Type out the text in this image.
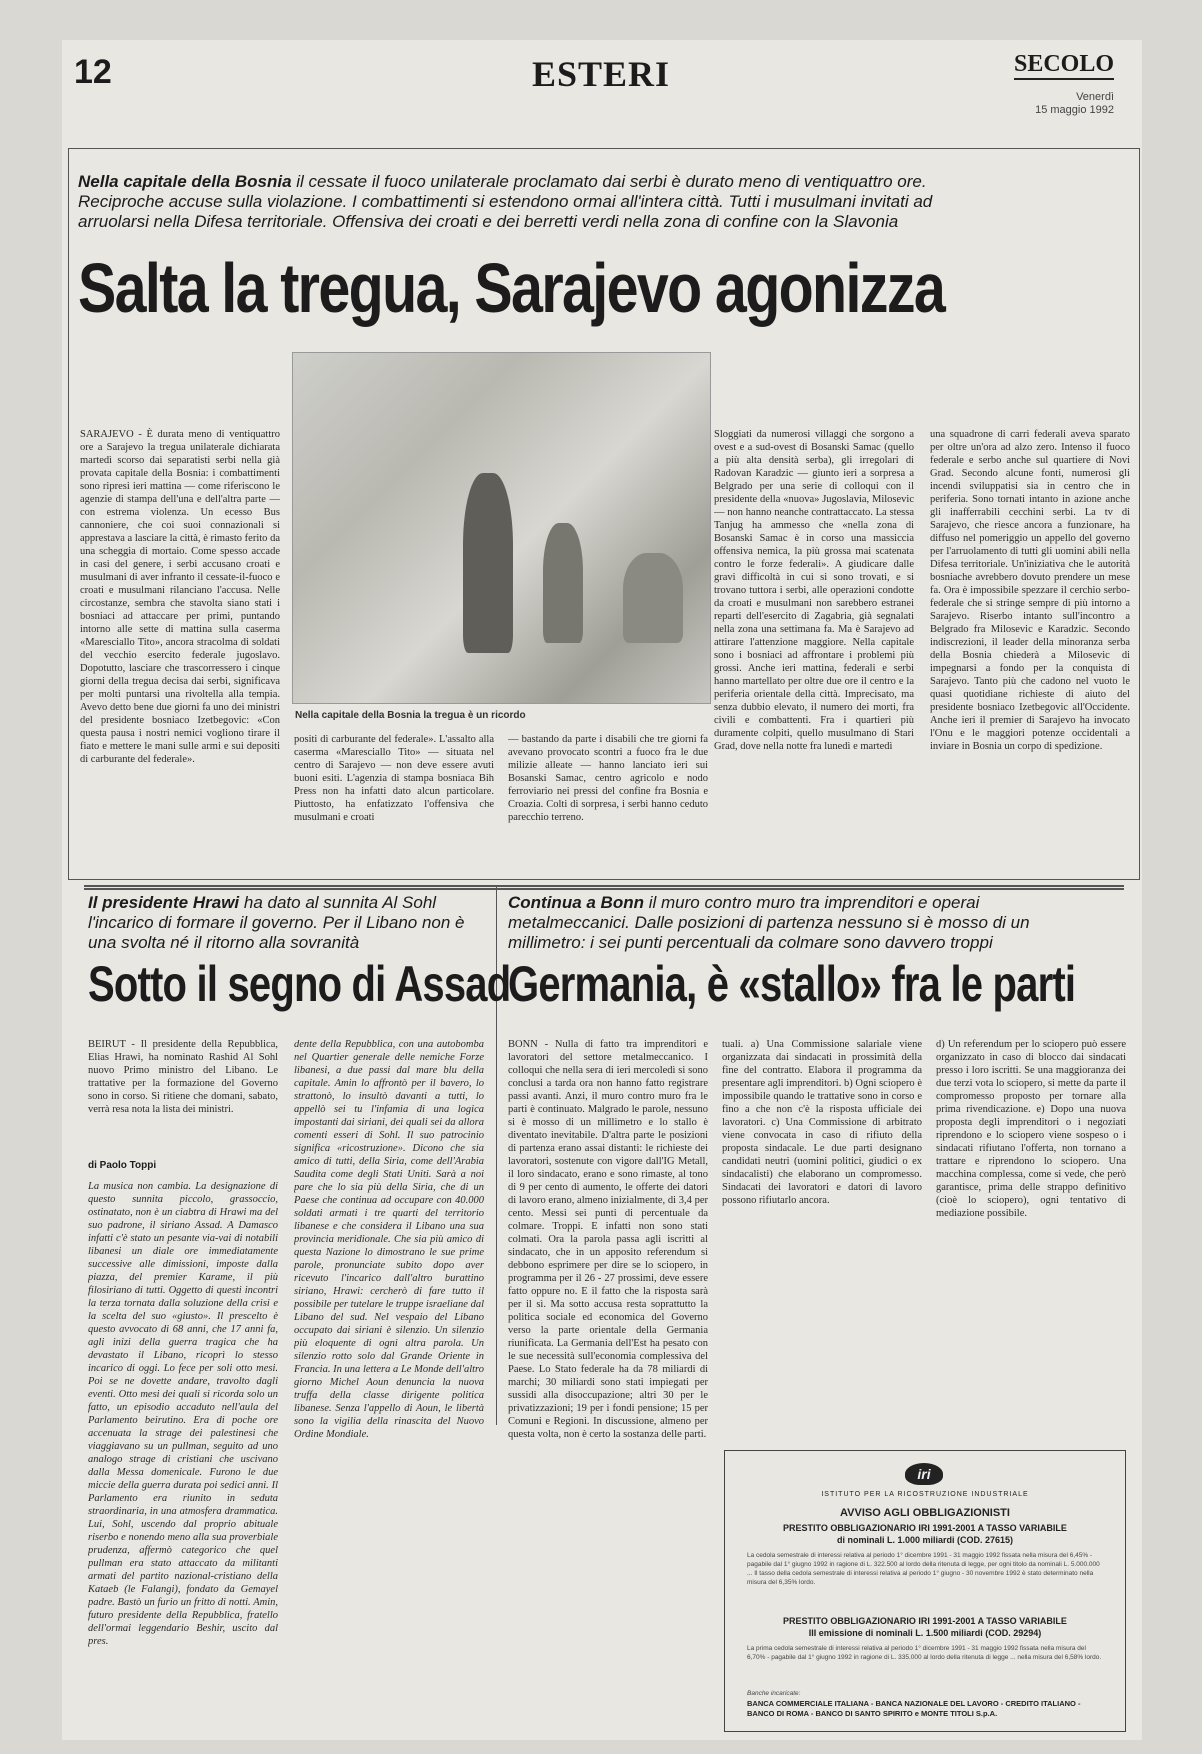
12	ESTERI	SECOLO
Venerdì
15 maggio 1992
Nella capitale della Bosnia il cessate il fuoco unilaterale proclamato dai serbi è durato meno di ventiquattro ore. Reciproche accuse sulla violazione. I combattimenti si estendono ormai all'intera città. Tutti i musulmani invitati ad arruolarsi nella Difesa territoriale. Offensiva dei croati e dei berretti verdi nella zona di confine con la Slavonia
Salta la tregua, Sarajevo agonizza
Nella capitale della Bosnia la tregua è un ricordo
SARAJEVO - È durata meno di ventiquattro ore a Sarajevo la tregua unilaterale dichiarata martedì scorso dai separatisti serbi nella già provata capitale della Bosnia: i combattimenti sono ripresi ieri mattina — come riferiscono le agenzie di stampa dell'una e dell'altra parte — con estrema violenza. Un ecesso Bus cannoniere, che coi suoi connazionali si apprestava a lasciare la città, è rimasto ferito da una scheggia di mortaio. Come spesso accade in casi del genere, i serbi accusano croati e musulmani di aver infranto il cessate-il-fuoco e croati e musulmani rilanciano l'accusa. Nelle circostanze, sembra che stavolta siano stati i bosniaci ad attaccare per primi, puntando intorno alle sette di mattina sulla caserma «Maresciallo Tito», ancora stracolma di soldati del vecchio esercito federale jugoslavo. Dopotutto, lasciare che trascorressero i cinque giorni della tregua decisa dai serbi, significava per molti puntarsi una rivoltella alla tempia. Avevo detto bene due giorni fa uno dei ministri del presidente bosniaco Izetbegovic: «Con questa pausa i nostri nemici vogliono tirare il fiato e mettere le mani sulle armi e sui depositi di carburante del federale».
positi di carburante del federale». L'assalto alla caserma «Maresciallo Tito» — situata nel centro di Sarajevo — non deve essere avuti buoni esiti. L'agenzia di stampa bosniaca Bih Press non ha infatti dato alcun particolare. Piuttosto, ha enfatizzato l'offensiva che musulmani e croati
— bastando da parte i disabili che tre giorni fa avevano provocato scontri a fuoco fra le due milizie alleate — hanno lanciato ieri sui Bosanski Samac, centro agricolo e nodo ferroviario nei pressi del confine fra Bosnia e Croazia. Colti di sorpresa, i serbi hanno ceduto parecchio terreno.
Sloggiati da numerosi villaggi che sorgono a ovest e a sud-ovest di Bosanski Samac (quello a più alta densità serba), gli irregolari di Radovan Karadzic — giunto ieri a sorpresa a Belgrado per una serie di colloqui con il presidente della «nuova» Jugoslavia, Milosevic — non hanno neanche contrattaccato. La stessa Tanjug ha ammesso che «nella zona di Bosanski Samac è in corso una massiccia offensiva nemica, la più grossa mai scatenata contro le forze federali». A giudicare dalle gravi difficoltà in cui si sono trovati, e si trovano tuttora i serbi, alle operazioni condotte da croati e musulmani non sarebbero estranei reparti dell'esercito di Zagabria, già segnalati nella zona una settimana fa. Ma è Sarajevo ad attirare l'attenzione maggiore. Nella capitale sono i bosniaci ad affrontare i problemi più grossi. Anche ieri mattina, federali e serbi hanno martellato per oltre due ore il centro e la periferia orientale della città. Imprecisato, ma senza dubbio elevato, il numero dei morti, fra civili e combattenti. Fra i quartieri più duramente colpiti, quello musulmano di Stari Grad, dove nella notte fra lunedì e martedì
una squadrone di carri federali aveva sparato per oltre un'ora ad alzo zero. Intenso il fuoco federale e serbo anche sul quartiere di Novi Grad. Secondo alcune fonti, numerosi gli incendi sviluppatisi sia in centro che in periferia. Sono tornati intanto in azione anche gli inafferrabili cecchini serbi. La tv di Sarajevo, che riesce ancora a funzionare, ha diffuso nel pomeriggio un appello del governo per l'arruolamento di tutti gli uomini abili nella Difesa territoriale. Un'iniziativa che le autorità bosniache avrebbero dovuto prendere un mese fa. Ora è impossibile spezzare il cerchio serbo-federale che si stringe sempre di più intorno a Sarajevo. Riserbo intanto sull'incontro a Belgrado fra Milosevic e Karadzic. Secondo indiscrezioni, il leader della minoranza serba della Bosnia chiederà a Milosevic di impegnarsi a fondo per la conquista di Sarajevo. Tanto più che cadono nel vuoto le quasi quotidiane richieste di aiuto del presidente bosniaco Izetbegovic all'Occidente. Anche ieri il premier di Sarajevo ha invocato l'Onu e le maggiori potenze occidentali a inviare in Bosnia un corpo di spedizione.
Il presidente Hrawi ha dato al sunnita Al Sohl l'incarico di formare il governo. Per il Libano non è una svolta né il ritorno alla sovranità
Sotto il segno di Assad
BEIRUT - Il presidente della Repubblica, Elias Hrawi, ha nominato Rashid Al Sohl nuovo Primo ministro del Libano. Le trattative per la formazione del Governo sono in corso. Si ritiene che domani, sabato, verrà resa nota la lista dei ministri.
di Paolo Toppi
La musica non cambia. La designazione di questo sunnita piccolo, grassoccio, ostinatato, non è un ciabtra di Hrawi ma del suo padrone, il siriano Assad. A Damasco infatti c'è stato un pesante via-vai di notabili libanesi un diale ore immediatamente successive alle dimissioni, imposte dalla piazza, del premier Karame, il più filosiriano di tutti. Oggetto di questi incontri la terza tornata dalla soluzione della crisi e la scelta del suo «giusto». Il prescelto è questo avvocato di 68 anni, che 17 anni fa, agli inizi della guerra tragica che ha devastato il Libano, ricoprì lo stesso incarico di oggi. Lo fece per soli otto mesi. Poi se ne dovette andare, travolto dagli eventi. Otto mesi dei quali si ricorda solo un fatto, un episodio accaduto nell'aula del Parlamento beirutino. Era di poche ore accenuata la strage dei palestinesi che viaggiavano su un pullman, seguito ad uno analogo strage di cristiani che uscivano dalla Messa domenicale. Furono le due miccie della guerra durata poi sedici anni. Il Parlamento era riunito in seduta straordinaria, in una atmosfera drammatica. Lui, Sohl, uscendo dal proprio abituale riserbo e nonendo meno alla sua proverbiale prudenza, affermò categorico che quel pullman era stato attaccato da militanti armati del partito nazional-cristiano della Kataeb (le Falangi), fondato da Gemayel padre. Bastò un furio un fritto di notti. Amin, futuro presidente della Repubblica, fratello dell'ormai leggendario Beshir, uscito dal pres.
dente della Repubblica, con una autobomba nel Quartier generale delle nemiche Forze libanesi, a due passi dal mare blu della capitale. Amin lo affrontò per il bavero, lo strattonò, lo insultò davanti a tutti, lo appellò sei tu l'infamia di una logica impostanti dai siriani, dei quali sei da allora comenti esseri di Sohl. Il suo patrocinio significa «ricostruzione». Dicono che sia amico di tutti, della Siria, come dell'Arabia Saudita come degli Stati Uniti. Sarà a noi pare che lo sia più della Siria, che di un Paese che continua ad occupare con 40.000 soldati armati i tre quarti del territorio libanese e che considera il Libano una sua provincia meridionale. Che sia più amico di questa Nazione lo dimostrano le sue prime parole, pronunciate subito dopo aver ricevuto l'incarico dall'altro burattino siriano, Hrawi: cercherò di fare tutto il possibile per tutelare le truppe israeliane dal Libano del sud. Nel vespaio del Libano occupato dai siriani è silenzio. Un silenzio più eloquente di ogni altra parola. Un silenzio rotto solo dal Grande Oriente in Francia. In una lettera a Le Monde dell'altro giorno Michel Aoun denuncia la nuova truffa della classe dirigente politica libanese. Senza l'appello di Aoun, le libertà sono la vigilia della rinascita del Nuovo Ordine Mondiale.
Continua a Bonn il muro contro muro tra imprenditori e operai metalmeccanici. Dalle posizioni di partenza nessuno si è mosso di un millimetro: i sei punti percentuali da colmare sono davvero troppi
Germania, è «stallo» fra le parti
BONN - Nulla di fatto tra imprenditori e lavoratori del settore metalmeccanico. I colloqui che nella sera di ieri mercoledì si sono conclusi a tarda ora non hanno fatto registrare passi avanti. Anzi, il muro contro muro fra le parti è continuato. Malgrado le parole, nessuno si è mosso di un millimetro e lo stallo è diventato inevitabile. D'altra parte le posizioni di partenza erano assai distanti: le richieste dei lavoratori, sostenute con vigore dall'IG Metall, il loro sindacato, erano e sono rimaste, al tono di 9 per cento di aumento, le offerte dei datori di lavoro erano, almeno inizialmente, di 3,4 per cento. Messi sei punti di percentuale da colmare. Troppi. E infatti non sono stati colmati. Ora la parola passa agli iscritti al sindacato, che in un apposito referendum si debbono esprimere per dire se lo sciopero, in programma per il 26 - 27 prossimi, deve essere fatto oppure no. E il fatto che la risposta sarà per il sì. Ma sotto accusa resta soprattutto la politica sociale ed economica del Governo verso la parte orientale della Germania riunificata. La Germania dell'Est ha pesato con le sue necessità sull'economia complessiva del Paese. Lo Stato federale ha da 78 miliardi di marchi; 30 miliardi sono stati impiegati per sussidi alla disoccupazione; altri 30 per le privatizzazioni; 19 per i fondi pensione; 15 per Comuni e Regioni. In discussione, almeno per questa volta, non è certo la sostanza delle parti.
tuali. a) Una Commissione salariale viene organizzata dai sindacati in prossimità della fine del contratto. Elabora il programma da presentare agli imprenditori. b) Ogni sciopero è impossibile quando le trattative sono in corso e fino a che non c'è la risposta ufficiale dei lavoratori. c) Una Commissione di arbitrato viene convocata in caso di rifiuto della proposta sindacale. Le due parti designano candidati neutri (uomini politici, giudici o ex sindacalisti) che elaborano un compromesso. Sindacati dei lavoratori e datori di lavoro possono rifiutarlo ancora.
d) Un referendum per lo sciopero può essere organizzato in caso di blocco dai sindacati presso i loro iscritti. Se una maggioranza dei due terzi vota lo sciopero, si mette da parte il compromesso proposto per tornare alla prima rivendicazione. e) Dopo una nuova proposta degli imprenditori o i negoziati riprendono e lo sciopero viene sospeso o i sindacati rifiutano l'offerta, non tornano a trattare e riprendono lo sciopero. Una macchina complessa, come si vede, che però garantisce, prima delle strappo definitivo (cioè lo sciopero), ogni tentativo di mediazione possibile.
iri
ISTITUTO PER LA RICOSTRUZIONE INDUSTRIALE
AVVISO AGLI OBBLIGAZIONISTI
PRESTITO OBBLIGAZIONARIO IRI 1991-2001 A TASSO VARIABILE
di nominali L. 1.000 miliardi (COD. 27615)
La cedola semestrale di interessi relativa al periodo 1° dicembre 1991 - 31 maggio 1992 fissata nella misura del 6,45% - pagabile dal 1° giugno 1992 in ragione di L. 322.500 al lordo della ritenuta di legge, per ogni titolo da nominali L. 5.000.000 ... Il tasso della cedola semestrale di interessi relativa al periodo 1° giugno - 30 novembre 1992 è stato determinato nella misura del 6,35% lordo.
PRESTITO OBBLIGAZIONARIO IRI 1991-2001 A TASSO VARIABILE
III emissione di nominali L. 1.500 miliardi (COD. 29294)
La prima cedola semestrale di interessi relativa al periodo 1° dicembre 1991 - 31 maggio 1992 fissata nella misura del 6,70% - pagabile dal 1° giugno 1992 in ragione di L. 335.000 al lordo della ritenuta di legge ... nella misura del 6,58% lordo.
Banche incaricate:
BANCA COMMERCIALE ITALIANA - BANCA NAZIONALE DEL LAVORO - CREDITO ITALIANO - BANCO DI ROMA - BANCO DI SANTO SPIRITO e MONTE TITOLI S.p.A.
